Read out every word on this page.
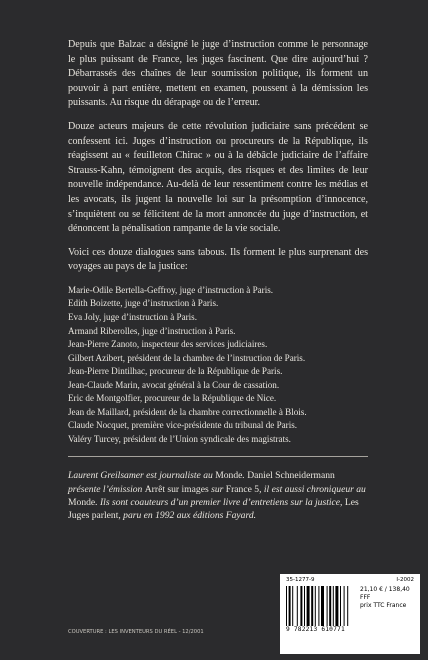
Depuis que Balzac a désigné le juge d’instruction comme le personnage le plus puissant de France, les juges fascinent. Que dire aujourd’hui ? Débarrassés des chaînes de leur soumission politique, ils forment un pouvoir à part entière, mettent en examen, poussent à la démission les puissants. Au risque du dérapage ou de l’erreur.

Douze acteurs majeurs de cette révolution judiciaire sans précédent se confessent ici. Juges d’instruction ou procureurs de la République, ils réagissent au « feuilleton Chirac » ou à la débâcle judiciaire de l’affaire Strauss-Kahn, témoignent des acquis, des risques et des limites de leur nouvelle indépendance. Au-delà de leur ressentiment contre les médias et les avocats, ils jugent la nouvelle loi sur la présomption d’innocence, s’inquiètent ou se félicitent de la mort annoncée du juge d’instruction, et dénoncent la pénalisation rampante de la vie sociale.

Voici ces douze dialogues sans tabous. Ils forment le plus surprenant des voyages au pays de la justice:

Marie-Odile Bertella-Geffroy, juge d’instruction à Paris.
Edith Boizette, juge d’instruction à Paris.
Eva Joly, juge d’instruction à Paris.
Armand Riberolles, juge d’instruction à Paris.
Jean-Pierre Zanoto, inspecteur des services judiciaires.
Gilbert Azibert, président de la chambre de l’instruction de Paris.
Jean-Pierre Dintilhac, procureur de la République de Paris.
Jean-Claude Marin, avocat général à la Cour de cassation.
Eric de Montgolfier, procureur de la République de Nice.
Jean de Maillard, président de la chambre correctionnelle à Blois.
Claude Nocquet, première vice-présidente du tribunal de Paris.
Valéry Turcey, président de l’Union syndicale des magistrats.

Laurent Greilsamer est journaliste au Monde. Daniel Schneidermann présente l’émission Arrêt sur images sur France 5, il est aussi chroniqueur au Monde. Ils sont coauteurs d’un premier livre d’entretiens sur la justice, Les Juges parlent, paru en 1992 aux éditions Fayard.

COUVERTURE : LES INVENTEURS DU RÉEL - 12/2001
35-1277-9	I-2002
9 782213 610771
21,10 € / 138,40 FFF
prix TTC France
